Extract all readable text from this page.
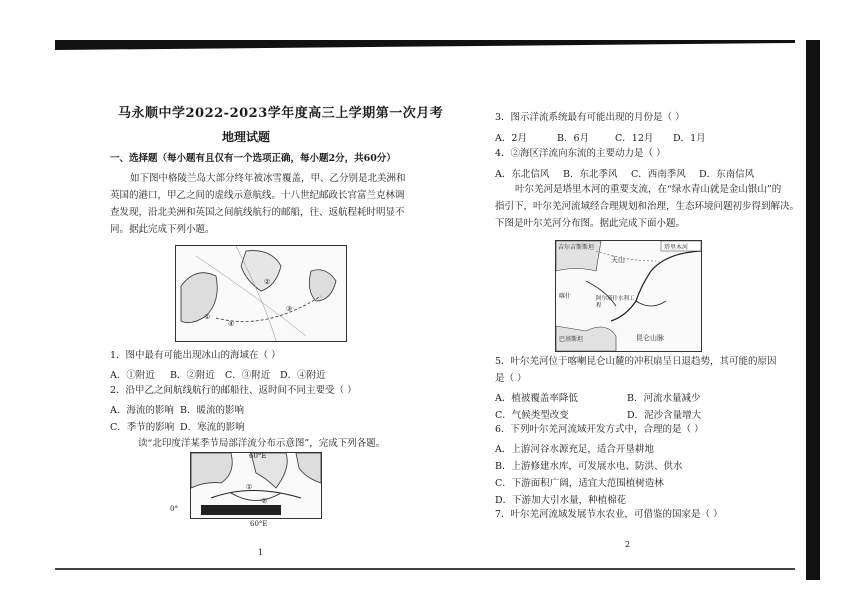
马永顺中学2022-2023学年度高三上学期第一次月考
地理试题
一、选择题（每小题有且仅有一个选项正确，每小题2分，共60分）
如下图中格陵兰岛大部分终年被冰雪覆盖，甲、乙分别是北美洲和
英国的港口，甲乙之间的虚线示意航线。十八世纪邮政长官富兰克林调
查发现，沿北美洲和英国之间航线航行的邮船，往、返航程耗时明显不
同。据此完成下列小题。
①
②
③
④
1．图中最有可能出现冰山的海域在（ ）
A．①附近 B．②附近 C．③附近 D．④附近
2．沿甲乙之间航线航行的邮船往、返时间不同主要受（ ）
A．海流的影响 B．暖流的影响
C．季节的影响 D．寒流的影响
读“北印度洋某季节局部洋流分布示意图”，完成下列各题。
①
②
60°E
0°
60°E
1
3．图示洋流系统最有可能出现的月份是（ ）
A．2月	B．6月	C．12月 D．1月
4．②海区洋流向东流的主要动力是（ ）
A．东北信风 B．东北季风 C．西南季风 D．东南信风
叶尔羌河是塔里木河的重要支流，在“绿水青山就是金山银山”的
指引下，叶尔羌河流域经合理规划和治理，生态环境问题初步得到解决。
下图是叶尔羌河分布图。据此完成下面小题。
吉尔吉斯斯坦	塔里木河
天山
阿尔塔什水利工程
喀什
巴基斯坦	昆仑山脉
5．叶尔羌河位于喀喇昆仑山麓的冲积扇呈日退趋势，其可能的原因
是（ ）
A．植被覆盖率降低	B．河流水量减少
C．气候类型改变	D．泥沙含量增大
6．下列叶尔羌河流域开发方式中，合理的是（ ）
A．上游河谷水源充足，适合开垦耕地
B．上游修建水库，可发展水电、防洪、供水
C．下游面积广阔，适宜大范围植树造林
D．下游加大引水量，种植棉花
7．叶尔羌河流域发展节水农业，可借鉴的国家是（ ）
2
